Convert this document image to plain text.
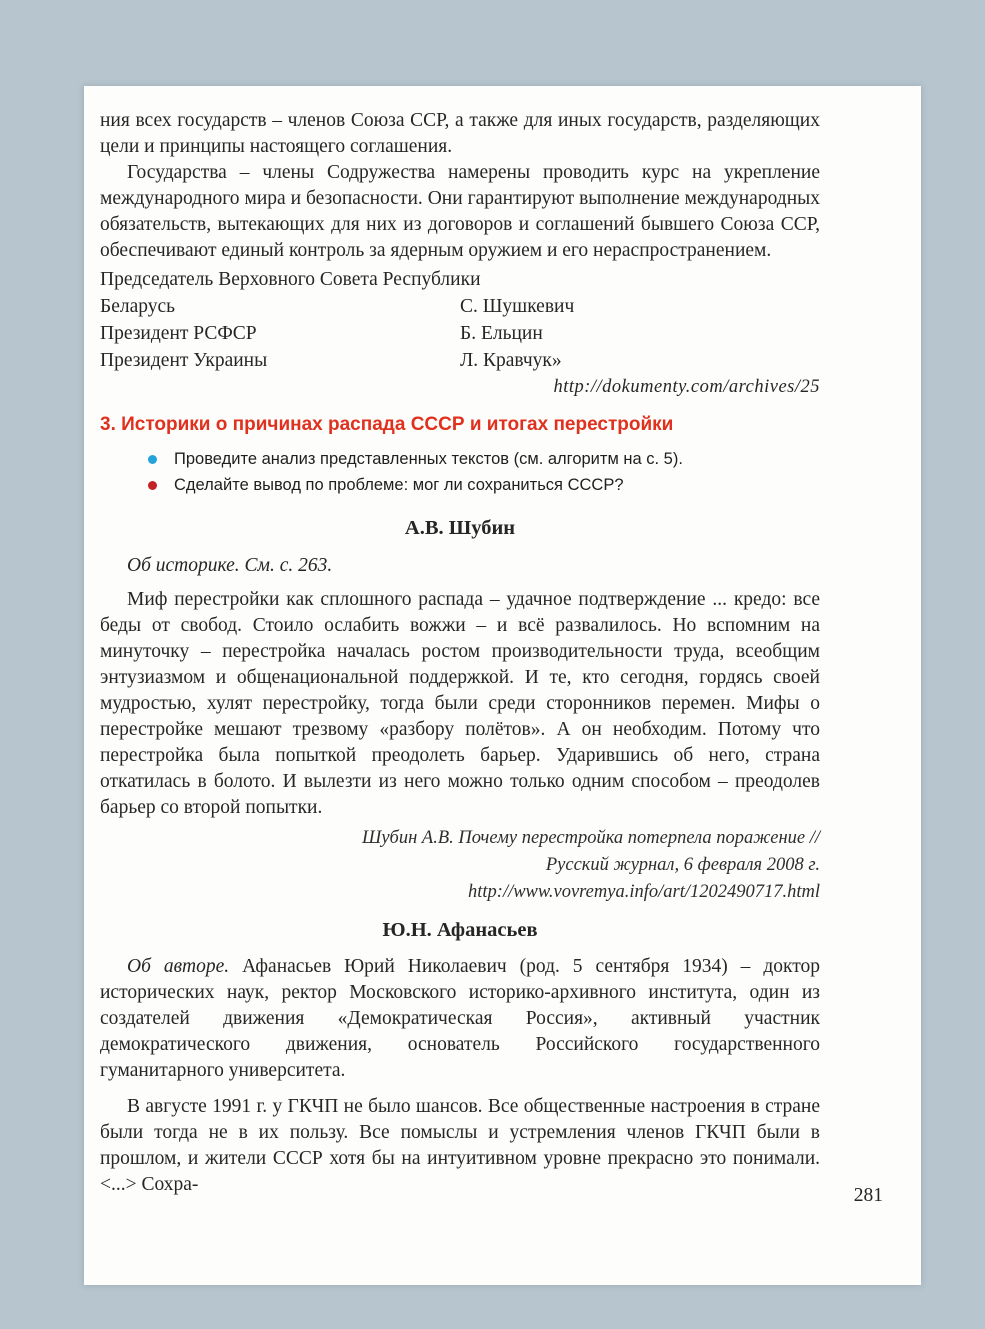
ния всех государств – членов Союза ССР, а также для иных государств, разделяющих цели и принципы настоящего соглашения.

Государства – члены Содружества намерены проводить курс на укрепление международного мира и безопасности. Они гарантируют выполнение международных обязательств, вытекающих для них из договоров и соглашений бывшего Союза ССР, обеспечивают единый контроль за ядерным оружием и его нераспространением.

Председатель Верховного Совета Республики
Беларусь	С. Шушкевич
Президент РСФСР	Б. Ельцин
Президент Украины	Л. Кравчук»
http://dokumenty.com/archives/25
3. Историки о причинах распада СССР и итогах перестройки
Проведите анализ представленных текстов (см. алгоритм на с. 5).
Сделайте вывод по проблеме: мог ли сохраниться СССР?
А.В. Шубин

Об историке. См. с. 263.

Миф перестройки как сплошного распада – удачное подтверждение ... кредо: все беды от свобод. Стоило ослабить вожжи – и всё развалилось. Но вспомним на минуточку – перестройка началась ростом производительности труда, всеобщим энтузиазмом и общенациональной поддержкой. И те, кто сегодня, гордясь своей мудростью, хулят перестройку, тогда были среди сторонников перемен. Мифы о перестройке мешают трезвому «разбору полётов». А он необходим. Потому что перестройка была попыткой преодолеть барьер. Ударившись об него, страна откатилась в болото. И вылезти из него можно только одним способом – преодолев барьер со второй попытки.

Шубин А.В. Почему перестройка потерпела поражение //
Русский журнал, 6 февраля 2008 г.
http://www.vovremya.info/art/1202490717.html
Ю.Н. Афанасьев

Об авторе. Афанасьев Юрий Николаевич (род. 5 сентября 1934) – доктор исторических наук, ректор Московского историко-архивного института, один из создателей движения «Демократическая Россия», активный участник демократического движения, основатель Российского государственного гуманитарного университета.

В августе 1991 г. у ГКЧП не было шансов. Все общественные настроения в стране были тогда не в их пользу. Все помыслы и устремления членов ГКЧП были в прошлом, и жители СССР хотя бы на интуитивном уровне прекрасно это понимали. <...> Сохра-

281
